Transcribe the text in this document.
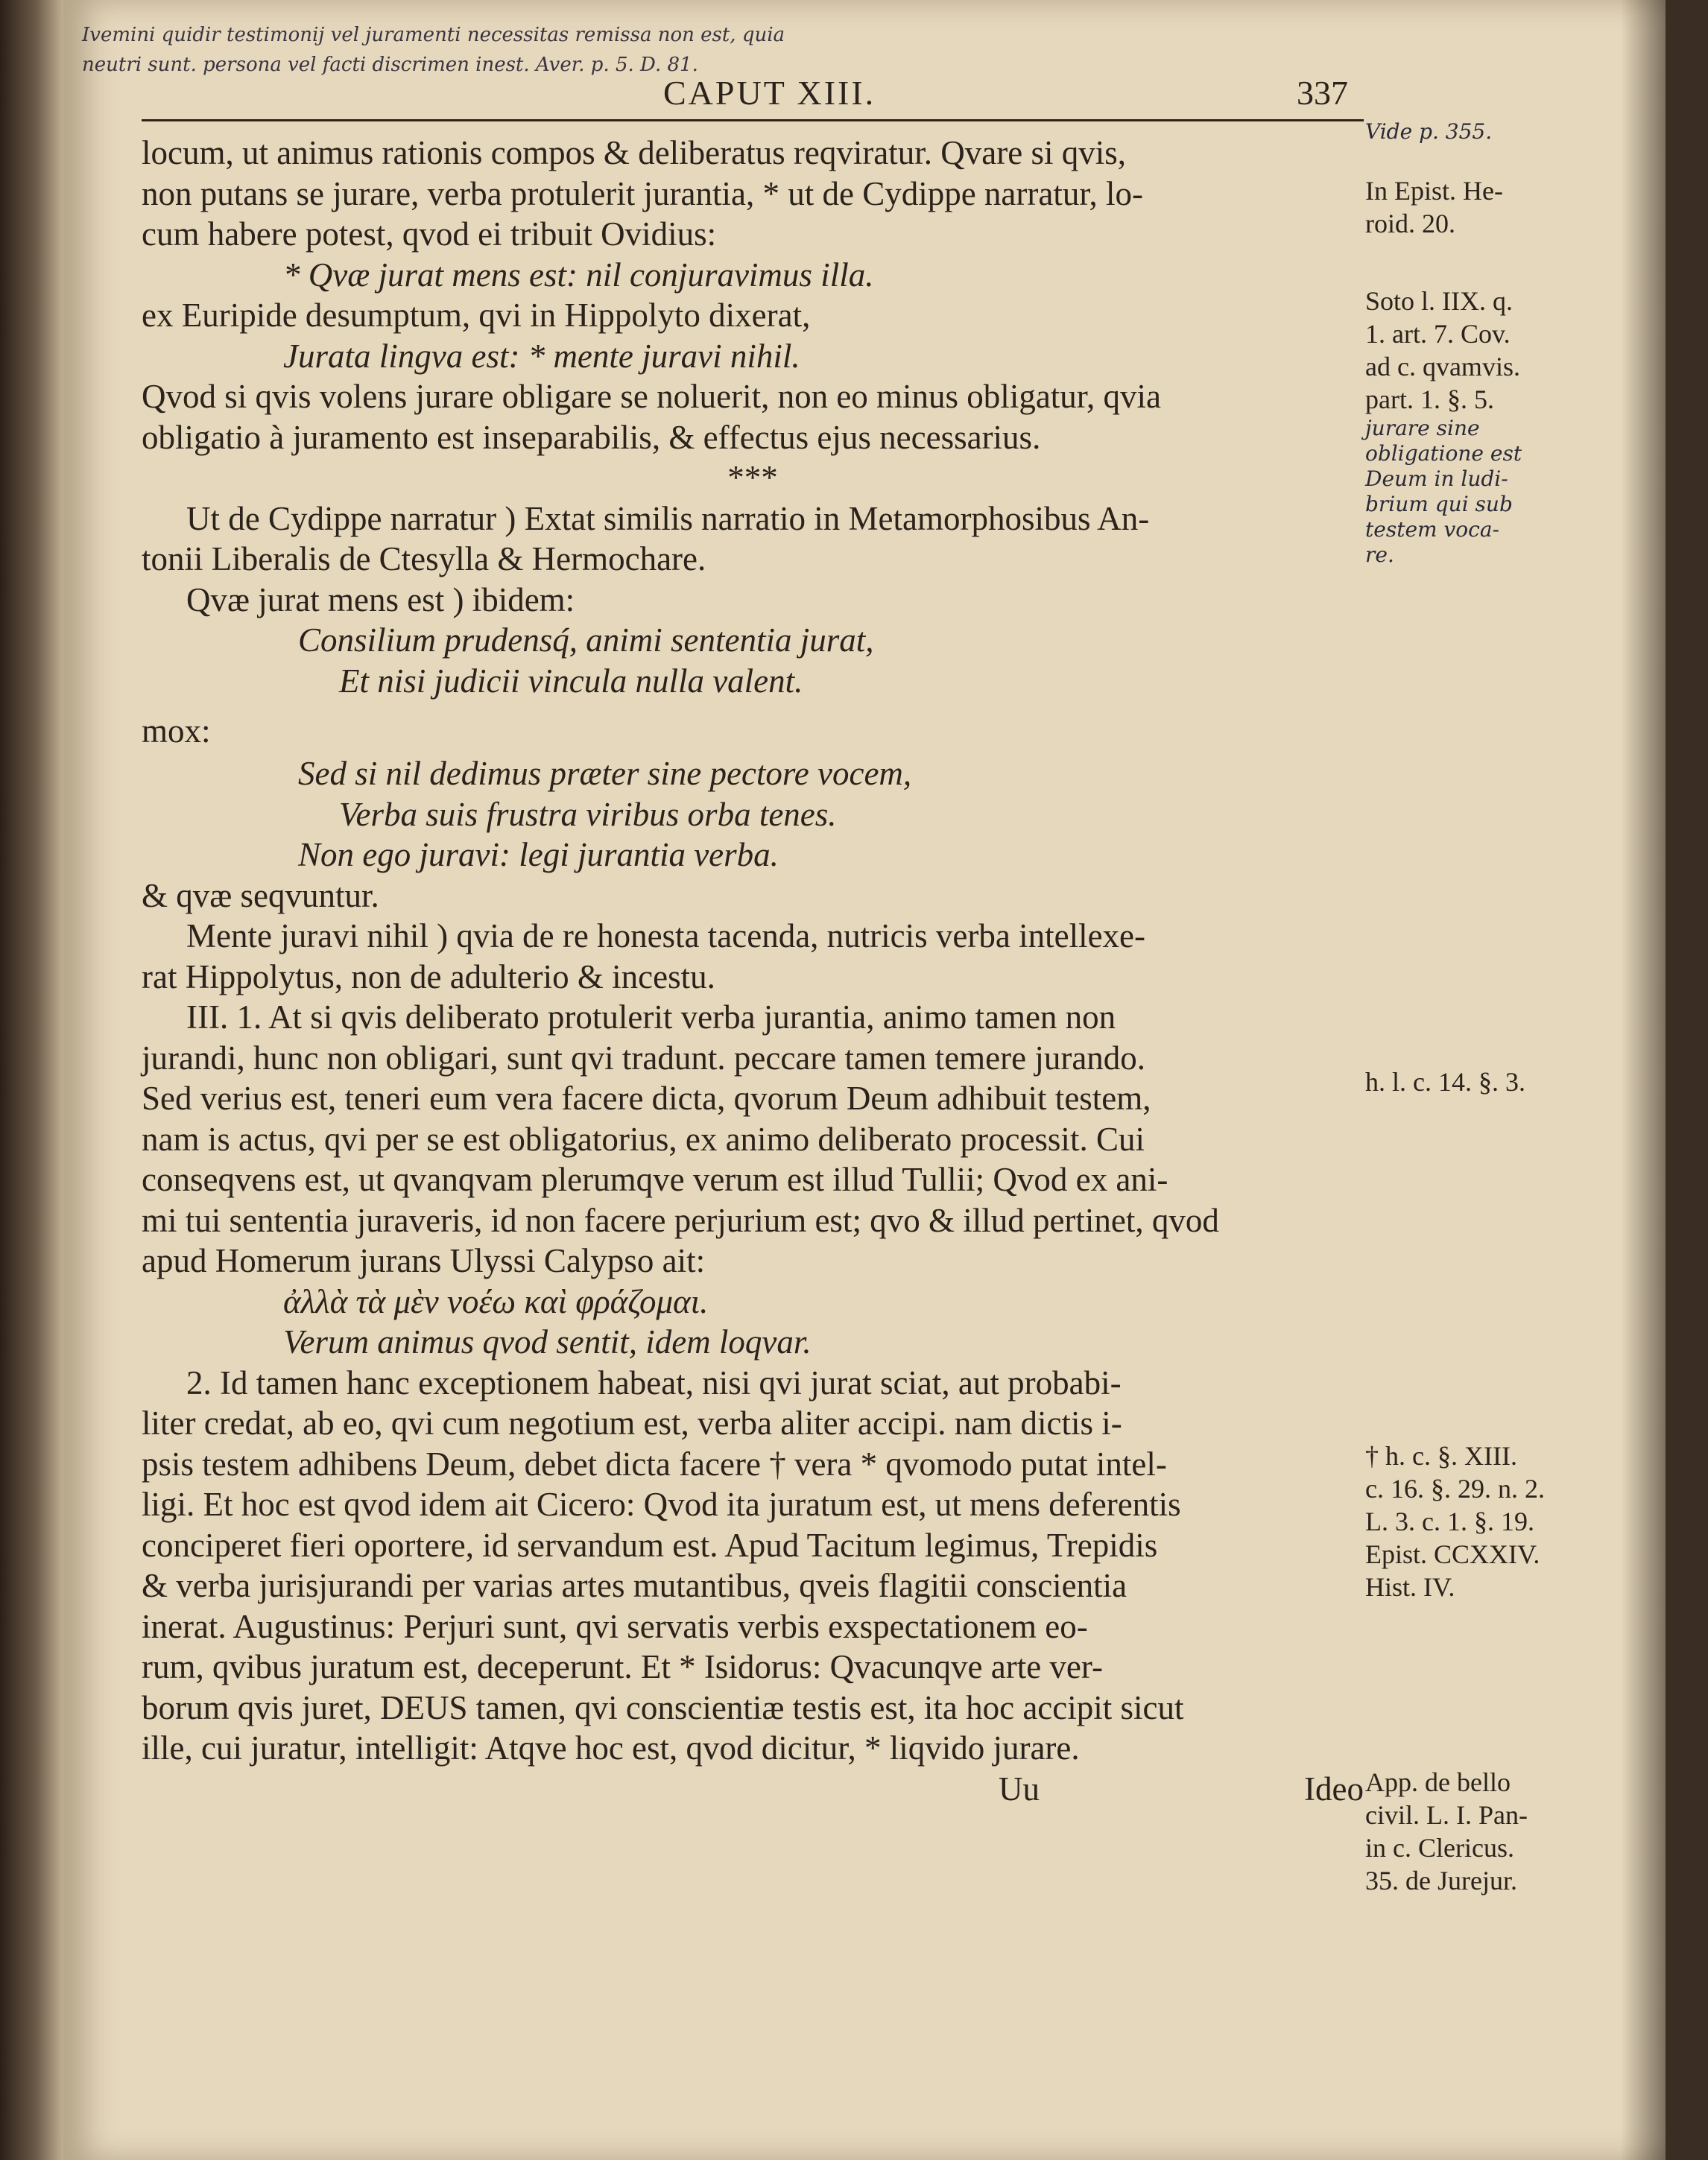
Ivemini quidir testimonij vel juramenti necessitas remissa non est, quia
neutri sunt. persona vel facti discrimen inest. Aver. p. 5. D. 81.
CAPUT XIII.	337
locum, ut animus rationis compos & deliberatus reqviratur. Qvare si qvis,
non putans se jurare, verba protulerit jurantia, * ut de Cydippe narratur, lo-
cum habere potest, qvod ei tribuit Ovidius:
* Qvæ jurat mens est: nil conjuravimus illa.
ex Euripide desumptum, qvi in Hippolyto dixerat,
Jurata lingva est: * mente juravi nihil.
Qvod si qvis volens jurare obligare se noluerit, non eo minus obligatur, qvia
obligatio à juramento est inseparabilis, & effectus ejus necessarius.
***
Ut de Cydippe narratur ) Extat similis narratio in Metamorphosibus An-
tonii Liberalis de Ctesylla & Hermochare.
Qvæ jurat mens est ) ibidem:
Consilium prudensq́, animi sententia jurat,
Et nisi judicii vincula nulla valent.
mox:
Sed si nil dedimus præter sine pectore vocem,
Verba suis frustra viribus orba tenes.
Non ego juravi: legi jurantia verba.
& qvæ seqvuntur.
Mente juravi nihil ) qvia de re honesta tacenda, nutricis verba intellexe-
rat Hippolytus, non de adulterio & incestu.
III. 1. At si qvis deliberato protulerit verba jurantia, animo tamen non
jurandi, hunc non obligari, sunt qvi tradunt. peccare tamen temere jurando.
Sed verius est, teneri eum vera facere dicta, qvorum Deum adhibuit testem,
nam is actus, qvi per se est obligatorius, ex animo deliberato processit. Cui
conseqvens est, ut qvanqvam plerumqve verum est illud Tullii; Qvod ex ani-
mi tui sententia juraveris, id non facere perjurium est; qvo & illud pertinet, qvod
apud Homerum jurans Ulyssi Calypso ait:
ἀλλὰ τὰ μὲν νοέω καὶ φράζομαι.
Verum animus qvod sentit, idem loqvar.
2. Id tamen hanc exceptionem habeat, nisi qvi jurat sciat, aut probabi-
liter credat, ab eo, qvi cum negotium est, verba aliter accipi. nam dictis i-
psis testem adhibens Deum, debet dicta facere † vera * qvomodo putat intel-
ligi. Et hoc est qvod idem ait Cicero: Qvod ita juratum est, ut mens deferentis
conciperet fieri oportere, id servandum est. Apud Tacitum legimus, Trepidis
& verba jurisjurandi per varias artes mutantibus, qveis flagitii conscientia
inerat. Augustinus: Perjuri sunt, qvi servatis verbis exspectationem eo-
rum, qvibus juratum est, deceperunt. Et * Isidorus: Qvacunqve arte ver-
borum qvis juret, DEUS tamen, qvi conscientiæ testis est, ita hoc accipit sicut
ille, cui juratur, intelligit: Atqve hoc est, qvod dicitur, * liqvido jurare.
Uu	Ideo
Vide p. 355.
In Epist. He-
roid. 20.
Soto l. IIX. q.
1. art. 7. Cov.
ad c. qvamvis.
part. 1. §. 5.
jurare sine
obligatione est
Deum in ludi-
brium qui sub
testem voca-
re.
h. l. c. 14. §. 3.
† h. c. §. XIII.
c. 16. §. 29. n. 2.
L. 3. c. 1. §. 19.
Epist. CCXXIV.
Hist. IV.
App. de bello
civil. L. I. Pan-
in c. Clericus.
35. de Jurejur.
